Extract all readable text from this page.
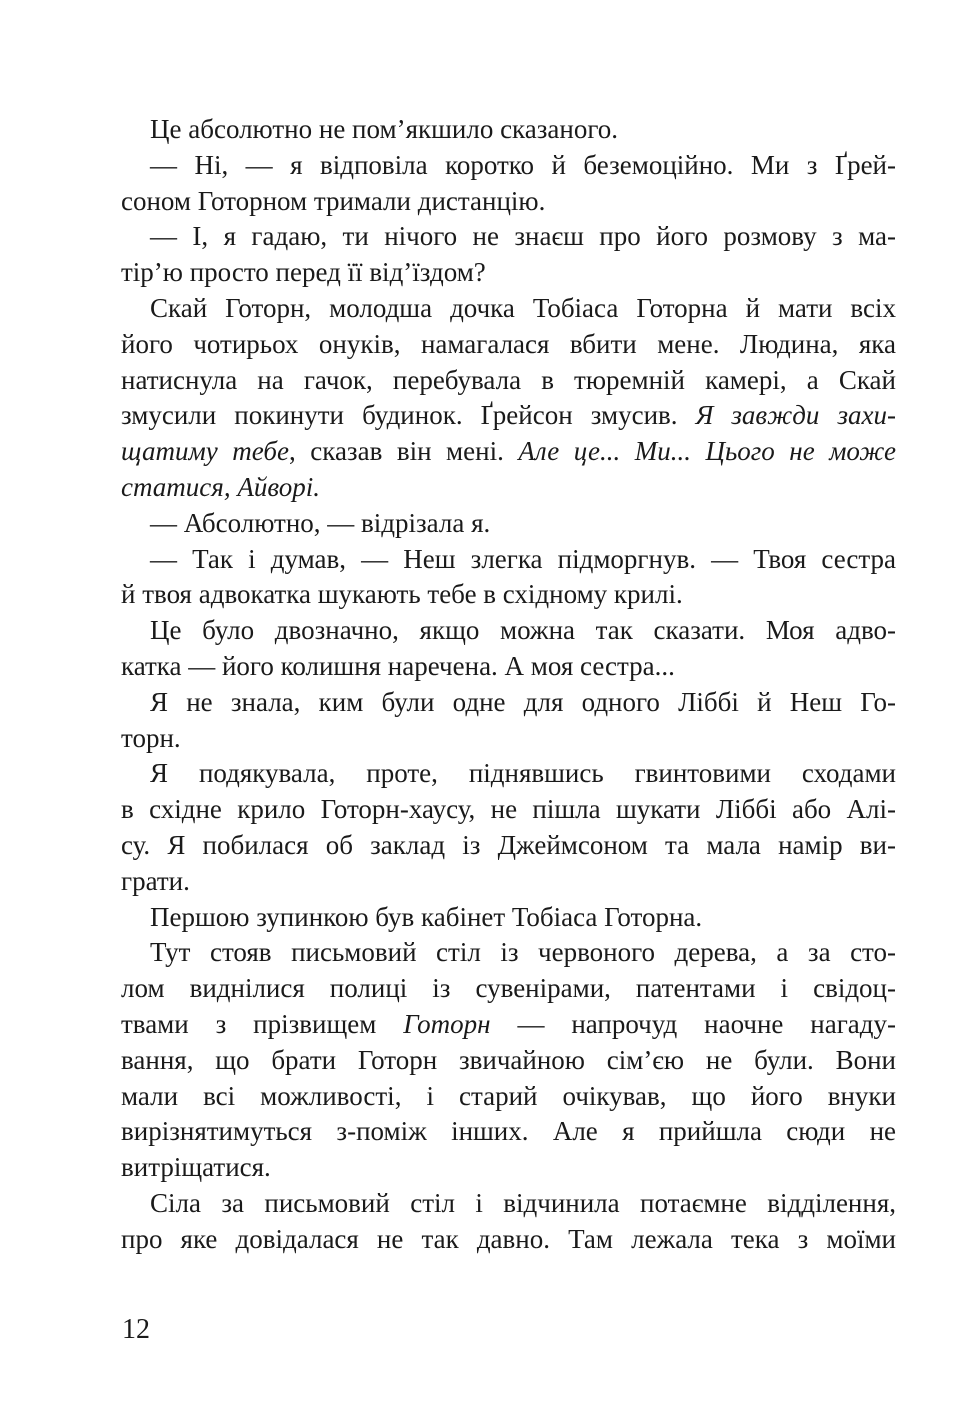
Це абсолютно не пом’якшило сказаного.
— Ні, — я відповіла коротко й беземоційно. Ми з Ґрей-
соном Готорном тримали дистанцію.
— І, я гадаю, ти нічого не знаєш про його розмову з ма-
тір’ю просто перед її від’їздом?
Скай Готорн, молодша дочка Тобіаса Готорна й мати всіх
його чотирьох онуків, намагалася вбити мене. Людина, яка
натиснула на гачок, перебувала в тюремній камері, а Скай
змусили покинути будинок. Ґрейсон змусив. Я завжди захи-
щатиму тебе, сказав він мені. Але це... Ми... Цього не може
статися, Айворі.
— Абсолютно, — відрізала я.
— Так і думав, — Неш злегка підморгнув. — Твоя сестра
й твоя адвокатка шукають тебе в східному крилі.
Це було двозначно, якщо можна так сказати. Моя адво-
катка — його колишня наречена. А моя сестра...
Я не знала, ким були одне для одного Ліббі й Неш Го-
торн.
Я подякувала, проте, піднявшись гвинтовими сходами
в східне крило Готорн-хаусу, не пішла шукати Ліббі або Алі-
су. Я побилася об заклад із Джеймсоном та мала намір ви-
грати.
Першою зупинкою був кабінет Тобіаса Готорна.
Тут стояв письмовий стіл із червоного дерева, а за сто-
лом виднілися полиці із сувенірами, патентами і свідоц-
твами з прізвищем Готорн — напрочуд наочне нагаду-
вання, що брати Готорн звичайною сім’єю не були. Вони
мали всі можливості, і старий очікував, що його внуки
вирізнятимуться з-поміж інших. Але я прийшла сюди не
витріщатися.
Сіла за письмовий стіл і відчинила потаємне відділення,
про яке довідалася не так давно. Там лежала тека з моїми
12
